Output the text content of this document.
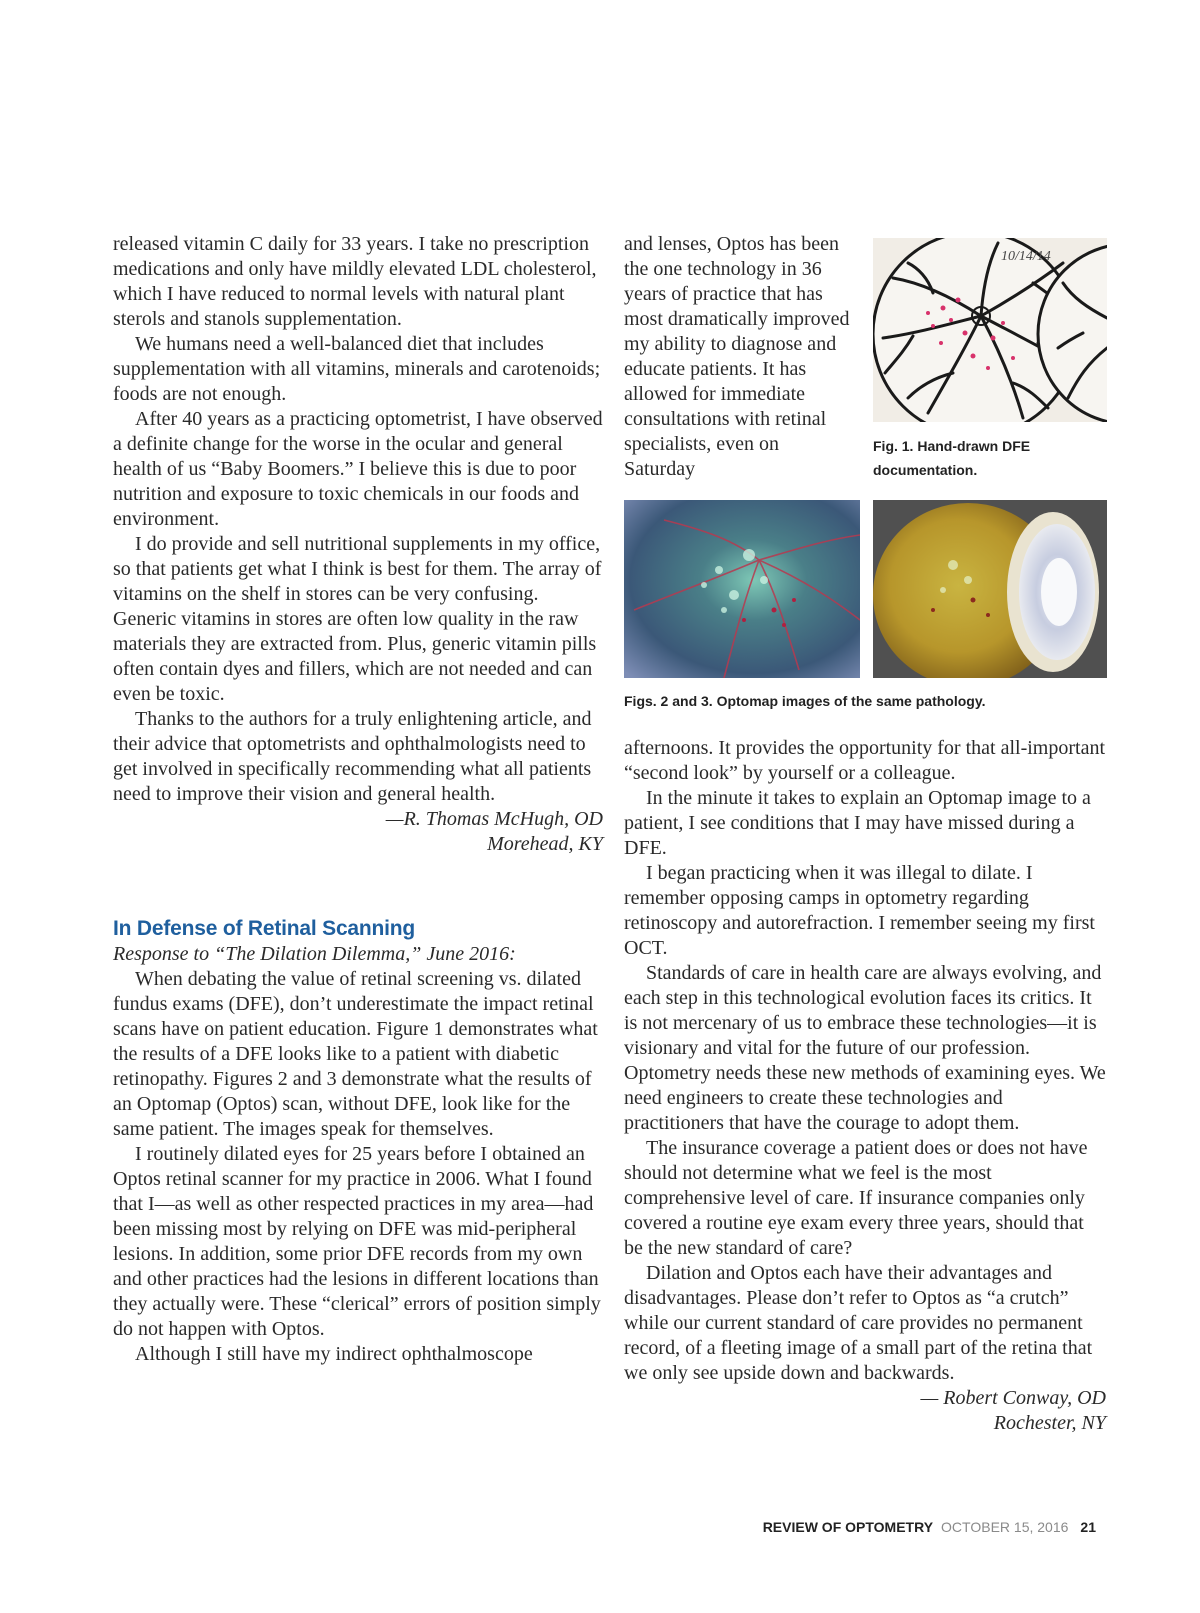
released vitamin C daily for 33 years. I take no prescription medications and only have mildly elevated LDL cholesterol, which I have reduced to normal levels with natural plant sterols and stanols supplementation.

We humans need a well-balanced diet that includes supplementation with all vitamins, minerals and carotenoids; foods are not enough.

After 40 years as a practicing optometrist, I have observed a definite change for the worse in the ocular and general health of us “Baby Boomers.” I believe this is due to poor nutrition and exposure to toxic chemicals in our foods and environment.

I do provide and sell nutritional supplements in my office, so that patients get what I think is best for them. The array of vitamins on the shelf in stores can be very confusing. Generic vitamins in stores are often low quality in the raw materials they are extracted from. Plus, generic vitamin pills often contain dyes and fillers, which are not needed and can even be toxic.

Thanks to the authors for a truly enlightening article, and their advice that optometrists and ophthalmologists need to get involved in specifically recommending what all patients need to improve their vision and general health.

—R. Thomas McHugh, OD

Morehead, KY

In Defense of Retinal Scanning

Response to “The Dilation Dilemma,” June 2016:

When debating the value of retinal screening vs. dilated fundus exams (DFE), don’t underestimate the impact retinal scans have on patient education. Figure 1 demonstrates what the results of a DFE looks like to a patient with diabetic retinopathy. Figures 2 and 3 demonstrate what the results of an Optomap (Optos) scan, without DFE, look like for the same patient. The images speak for themselves.

I routinely dilated eyes for 25 years before I obtained an Optos retinal scanner for my practice in 2006. What I found that I—as well as other respected practices in my area—had been missing most by relying on DFE was mid-peripheral lesions. In addition, some prior DFE records from my own and other practices had the lesions in different locations than they actually were. These “clerical” errors of position simply do not happen with Optos.

Although I still have my indirect ophthalmoscope

and lenses, Optos has been the one technology in 36 years of practice that has most dramatically improved my ability to diagnose and educate patients. It has allowed for immediate consultations with retinal specialists, even on Saturday

10/14/14
Fig. 1. Hand-drawn DFE documentation.
Figs. 2 and 3. Optomap images of the same pathology.

afternoons. It provides the opportunity for that all-important “second look” by yourself or a colleague.

In the minute it takes to explain an Optomap image to a patient, I see conditions that I may have missed during a DFE.

I began practicing when it was illegal to dilate. I remember opposing camps in optometry regarding retinoscopy and autorefraction. I remember seeing my first OCT.

Standards of care in health care are always evolving, and each step in this technological evolution faces its critics. It is not mercenary of us to embrace these technologies—it is visionary and vital for the future of our profession. Optometry needs these new methods of examining eyes. We need engineers to create these technologies and practitioners that have the courage to adopt them.

The insurance coverage a patient does or does not have should not determine what we feel is the most comprehensive level of care. If insurance companies only covered a routine eye exam every three years, should that be the new standard of care?

Dilation and Optos each have their advantages and disadvantages. Please don’t refer to Optos as “a crutch” while our current standard of care provides no permanent record, of a fleeting image of a small part of the retina that we only see upside down and backwards.

— Robert Conway, OD

Rochester, NY

REVIEW OF OPTOMETRY OCTOBER 15, 2016 21
